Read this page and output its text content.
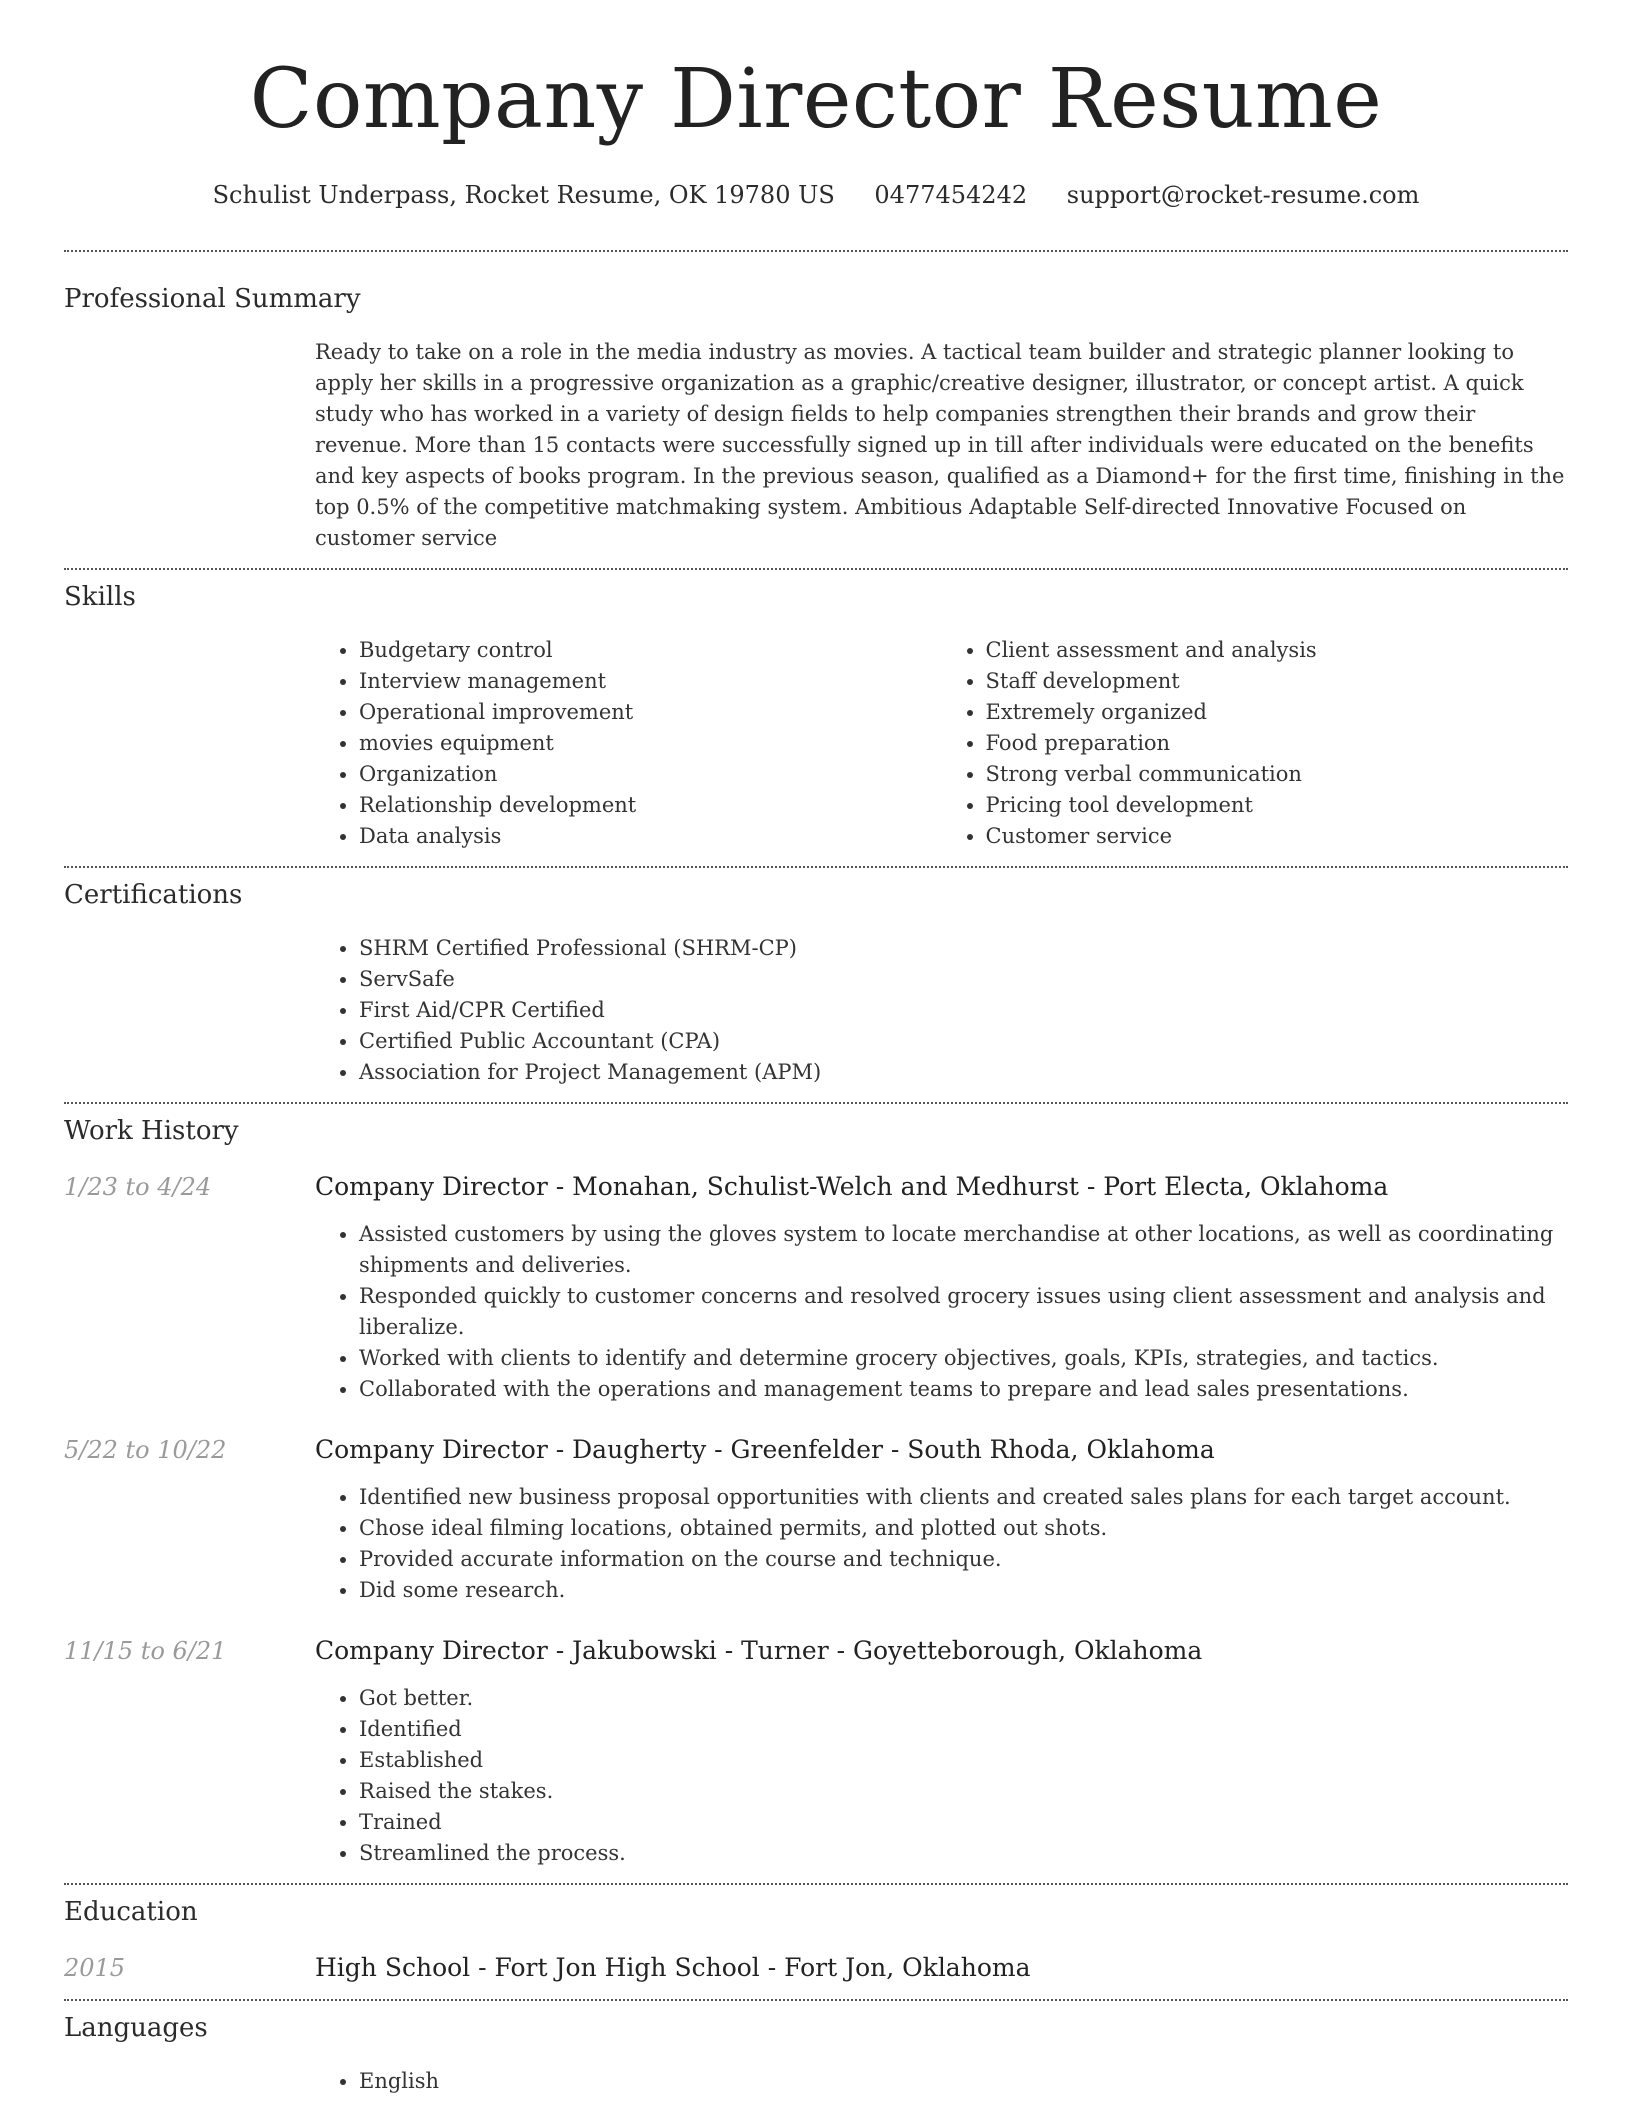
Company Director Resume
Schulist Underpass, Rocket Resume, OK 19780 US 0477454242 support@rocket-resume.com
Professional Summary
Ready to take on a role in the media industry as movies. A tactical team builder and strategic planner looking to apply her skills in a progressive organization as a graphic/creative designer, illustrator, or concept artist. A quick study who has worked in a variety of design fields to help companies strengthen their brands and grow their revenue. More than 15 contacts were successfully signed up in till after individuals were educated on the benefits and key aspects of books program. In the previous season, qualified as a Diamond+ for the first time, finishing in the top 0.5% of the competitive matchmaking system. Ambitious Adaptable Self-directed Innovative Focused on customer service
Skills
• Budgetary control
• Interview management
• Operational improvement
• movies equipment
• Organization
• Relationship development
• Data analysis
• Client assessment and analysis
• Staff development
• Extremely organized
• Food preparation
• Strong verbal communication
• Pricing tool development
• Customer service
Certifications
• SHRM Certified Professional (SHRM-CP)
• ServSafe
• First Aid/CPR Certified
• Certified Public Accountant (CPA)
• Association for Project Management (APM)
Work History
1/23 to 4/24	Company Director - Monahan, Schulist-Welch and Medhurst - Port Electa, Oklahoma
• Assisted customers by using the gloves system to locate merchandise at other locations, as well as coordinating shipments and deliveries.
• Responded quickly to customer concerns and resolved grocery issues using client assessment and analysis and liberalize.
• Worked with clients to identify and determine grocery objectives, goals, KPIs, strategies, and tactics.
• Collaborated with the operations and management teams to prepare and lead sales presentations.
5/22 to 10/22	Company Director - Daugherty - Greenfelder - South Rhoda, Oklahoma
• Identified new business proposal opportunities with clients and created sales plans for each target account.
• Chose ideal filming locations, obtained permits, and plotted out shots.
• Provided accurate information on the course and technique.
• Did some research.
11/15 to 6/21	Company Director - Jakubowski - Turner - Goyetteborough, Oklahoma
• Got better.
• Identified
• Established
• Raised the stakes.
• Trained
• Streamlined the process.
Education
2015	High School - Fort Jon High School - Fort Jon, Oklahoma
Languages
• English
